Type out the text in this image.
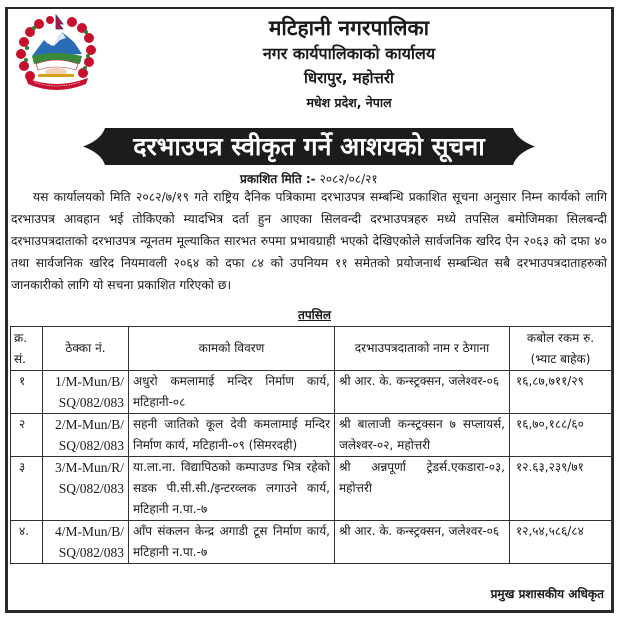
मटिहानी नगरपालिका
नगर कार्यपालिकाको कार्यालय
धिरापुर, महोत्तरी
मधेश प्रदेश, नेपाल
दरभाउपत्र स्वीकृत गर्ने आशयको सूचना
प्रकाशित मिति :- २०८२/०८/२१
यस कार्यालयको मिति २०८२/७/१९ गते राष्ट्रिय दैनिक पत्रिकामा दरभाउपत्र सम्बन्धि प्रकाशित सूचना अनुसार निम्न कार्यको लागि दरभाउपत्र आवहान भई तोकिएको म्यादभित्र दर्ता हुन आएका सिलवन्दी दरभाउपत्रहरु मध्ये तपसिल बमोजिमका सिलबन्दी दरभाउपत्रदाताको दरभाउपत्र न्यूनतम मूल्याकित सारभत रुपमा प्रभावग्राही भएको देखिएकोले सार्वजनिक खरिद ऐन २०६३ को दफा ४० तथा सार्वजनिक खरिद नियमावली २०६४ को दफा ८४ को उपनियम ११ समेतको प्रयोजनार्थ सम्बन्धित सबै दरभाउपत्रदाताहरुको जानकारीको लागि यो सचना प्रकाशित गरिएको छ।
तपसिल
क्र. सं.	ठेक्का नं.	कामको विवरण	दरभाउपत्रदाताको नाम र ठेगाना	कबोल रकम रु. (भ्याट बाहेक)
१	1/M-Mun/B/ SQ/082/083	अधुरो कमलामाई मन्दिर निर्माण कार्य, मटिहानी-०८	श्री आर. के. कन्स्ट्रक्सन, जलेश्वर-०६	१६,८७,७११/२९
२	2/M-Mun/B/ SQ/082/083	सहनी जातिको कूल देवी कमलामाई मन्दिर निर्माण कार्य, मटिहानी-०९ (सिमरदही)	श्री बालाजी कन्स्ट्रक्सन ७ सप्लायर्स, जलेश्वर-०२, महोत्तरी	१६,७०,१८८/६०
३	3/M-Mun/R/ SQ/082/083	या.ला.ना. विद्यापिठको कम्पाउण्ड भित्र रहेको सडक पी.सी.सी./इन्टरव्लक लगाउने कार्य, मटिहानी न.पा.-७	श्री अन्नपूर्णा ट्रेडर्स.एकडारा-०३, महोत्तरी	१२.६३,२३९/७१
४.	4/M-Mun/B/ SQ/082/083	आँप संकलन केन्द्र अगाडी टूस निर्माण कार्य, मटिहानी न.पा.-७	श्री आर. के. कन्स्ट्रक्सन, जलेश्वर-०६	१२,५४,५८६/८४
प्रमुख प्रशासकीय अधिकृत
